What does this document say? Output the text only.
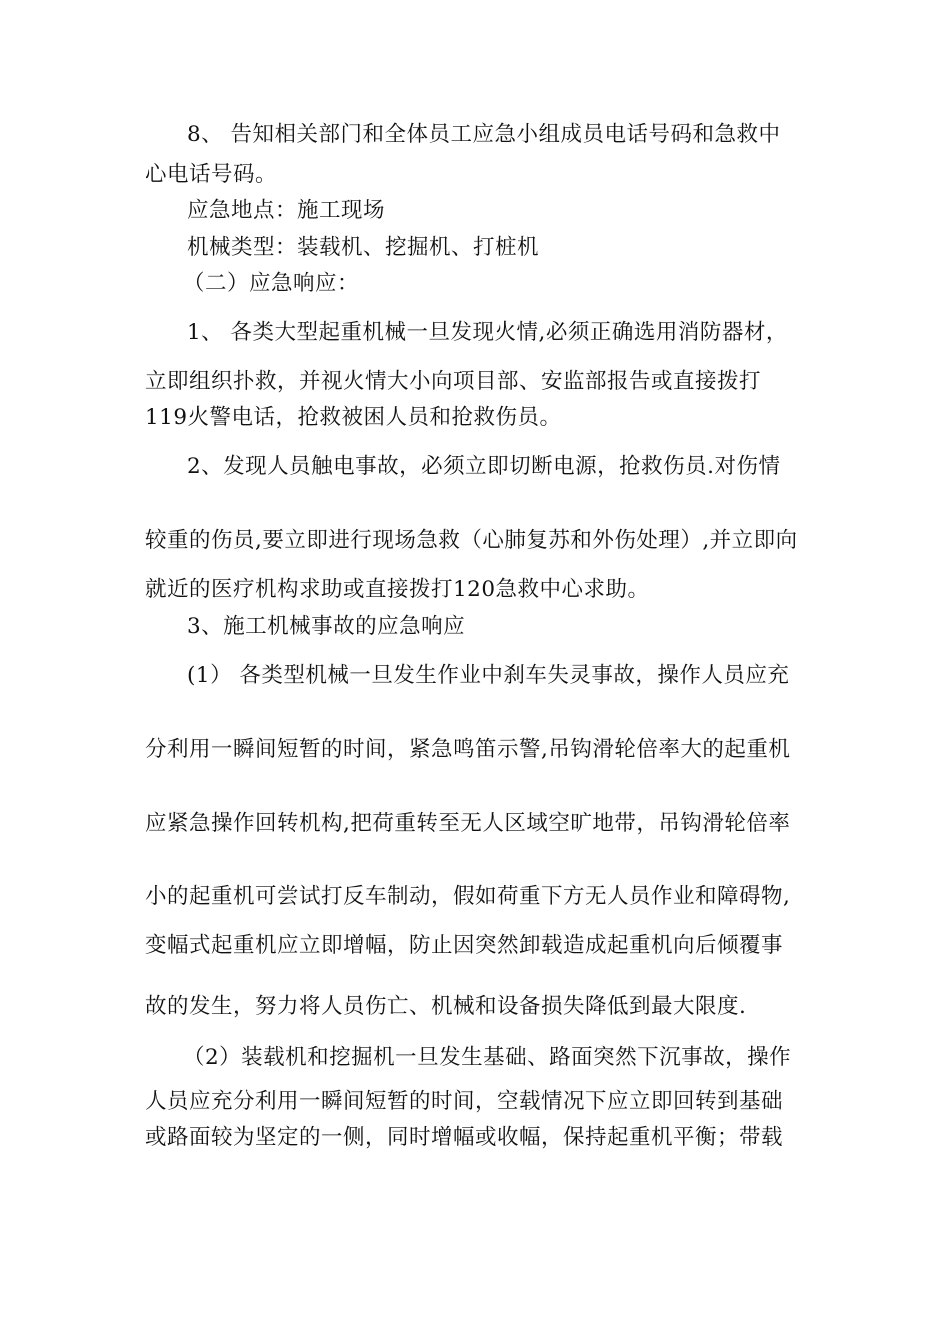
8、 告知相关部门和全体员工应急小组成员电话号码和急救中
心电话号码。
应急地点：施工现场
机械类型：装载机、挖掘机、打桩机
（二）应急响应：
1、 各类大型起重机械一旦发现火情,必须正确选用消防器材，
立即组织扑救，并视火情大小向项目部、安监部报告或直接拨打
119火警电话，抢救被困人员和抢救伤员。
2、发现人员触电事故，必须立即切断电源，抢救伤员.对伤情
较重的伤员,要立即进行现场急救（心肺复苏和外伤处理）,并立即向
就近的医疗机构求助或直接拨打120急救中心求助。
3、施工机械事故的应急响应
(1） 各类型机械一旦发生作业中刹车失灵事故，操作人员应充
分利用一瞬间短暂的时间，紧急鸣笛示警,吊钩滑轮倍率大的起重机
应紧急操作回转机构,把荷重转至无人区域空旷地带，吊钩滑轮倍率
小的起重机可尝试打反车制动，假如荷重下方无人员作业和障碍物,
变幅式起重机应立即增幅，防止因突然卸载造成起重机向后倾覆事
故的发生，努力将人员伤亡、机械和设备损失降低到最大限度.
（2）装载机和挖掘机一旦发生基础、路面突然下沉事故，操作
人员应充分利用一瞬间短暂的时间，空载情况下应立即回转到基础
或路面较为坚定的一侧，同时增幅或收幅，保持起重机平衡；带载
